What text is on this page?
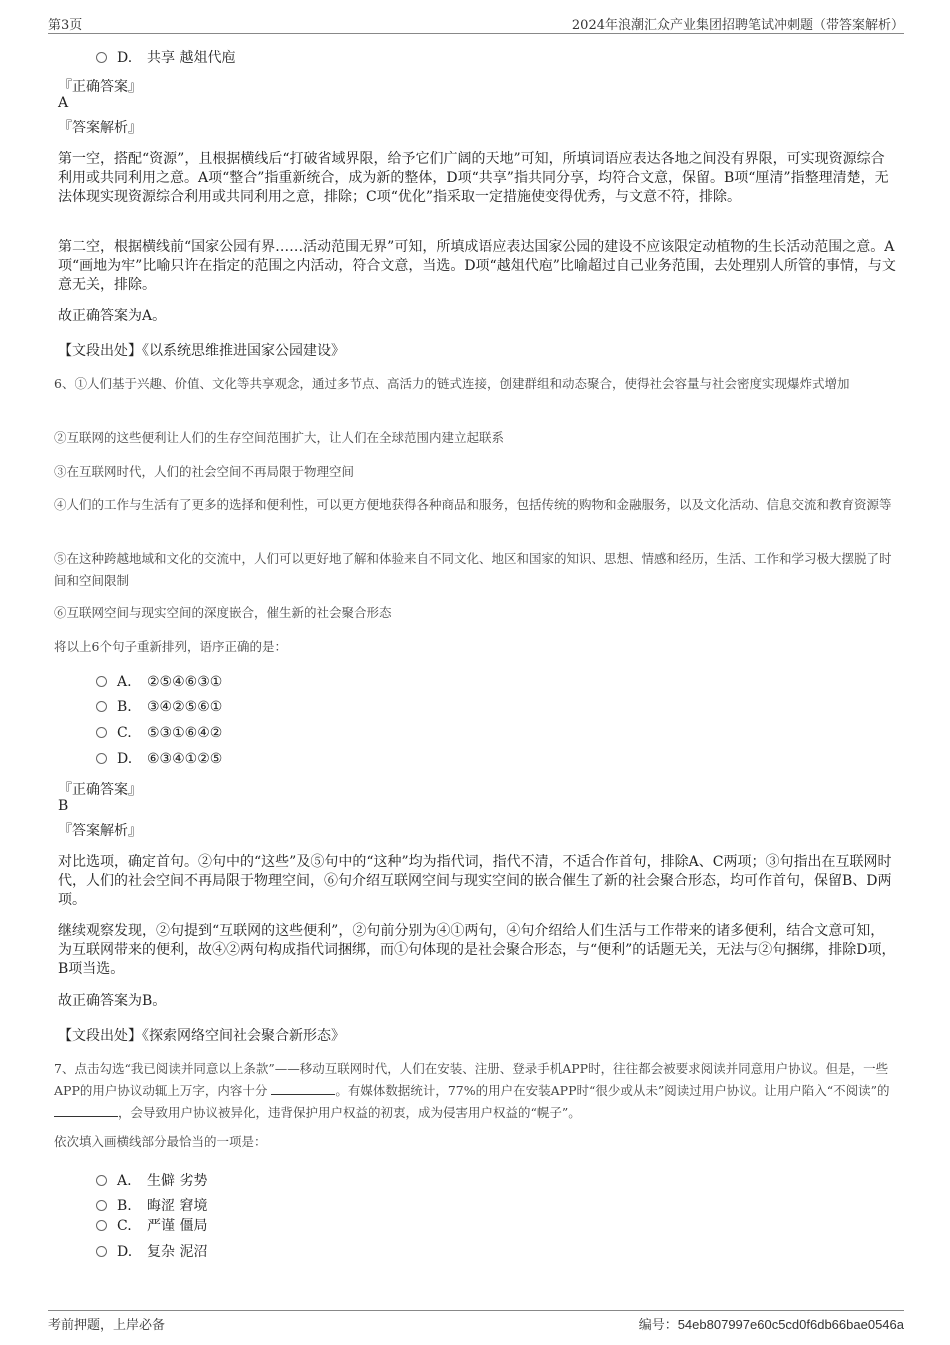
第3页	2024年浪潮汇众产业集团招聘笔试冲刺题（带答案解析）
D. 共享 越俎代庖
『正确答案』
A
『答案解析』
第一空，搭配“资源”，且根据横线后“打破省域界限，给予它们广阔的天地”可知，所填词语应表达各地之间没有界限，可实现资源综合利用或共同利用之意。A项“整合”指重新统合，成为新的整体，D项“共享”指共同分享，均符合文意，保留。B项“厘清”指整理清楚，无法体现实现资源综合利用或共同利用之意，排除；C项“优化”指采取一定措施使变得优秀，与文意不符，排除。
第二空，根据横线前“国家公园有界……活动范围无界”可知，所填成语应表达国家公园的建设不应该限定动植物的生长活动范围之意。A项“画地为牢”比喻只许在指定的范围之内活动，符合文意，当选。D项“越俎代庖”比喻超过自己业务范围，去处理别人所管的事情，与文意无关，排除。
故正确答案为A。
【文段出处】《以系统思维推进国家公园建设》
6、①人们基于兴趣、价值、文化等共享观念，通过多节点、高活力的链式连接，创建群组和动态聚合，使得社会容量与社会密度实现爆炸式增加
②互联网的这些便利让人们的生存空间范围扩大，让人们在全球范围内建立起联系
③在互联网时代，人们的社会空间不再局限于物理空间
④人们的工作与生活有了更多的选择和便利性，可以更方便地获得各种商品和服务，包括传统的购物和金融服务，以及文化活动、信息交流和教育资源等
⑤在这种跨越地域和文化的交流中，人们可以更好地了解和体验来自不同文化、地区和国家的知识、思想、情感和经历，生活、工作和学习极大摆脱了时间和空间限制
⑥互联网空间与现实空间的深度嵌合，催生新的社会聚合形态
将以上6个句子重新排列，语序正确的是：
A. ②⑤④⑥③①
B. ③④②⑤⑥①
C. ⑤③①⑥④②
D. ⑥③④①②⑤
『正确答案』
B
『答案解析』
对比选项，确定首句。②句中的“这些”及⑤句中的“这种”均为指代词，指代不清，不适合作首句，排除A、C两项；③句指出在互联网时代，人们的社会空间不再局限于物理空间，⑥句介绍互联网空间与现实空间的嵌合催生了新的社会聚合形态，均可作首句，保留B、D两项。
继续观察发现，②句提到“互联网的这些便利”，②句前分别为④①两句，④句介绍给人们生活与工作带来的诸多便利，结合文意可知，为互联网带来的便利，故④②两句构成指代词捆绑，而①句体现的是社会聚合形态，与“便利”的话题无关，无法与②句捆绑，排除D项，B项当选。
故正确答案为B。
【文段出处】《探索网络空间社会聚合新形态》
7、点击勾选“我已阅读并同意以上条款”——移动互联网时代，人们在安装、注册、登录手机APP时，往往都会被要求阅读并同意用户协议。但是，一些APP的用户协议动辄上万字，内容十分	。有媒体数据统计，77%的用户在安装APP时“很少或从未”阅读过用户协议。让用户陷入“不阅读”的 ，会导致用户协议被异化，违背保护用户权益的初衷，成为侵害用户权益的“幌子”。
依次填入画横线部分最恰当的一项是：
A. 生僻 劣势
B. 晦涩 窘境
C. 严谨 僵局
D. 复杂 泥沼
考前押题，上岸必备	编号：54eb807997e60c5cd0f6db66bae0546a
